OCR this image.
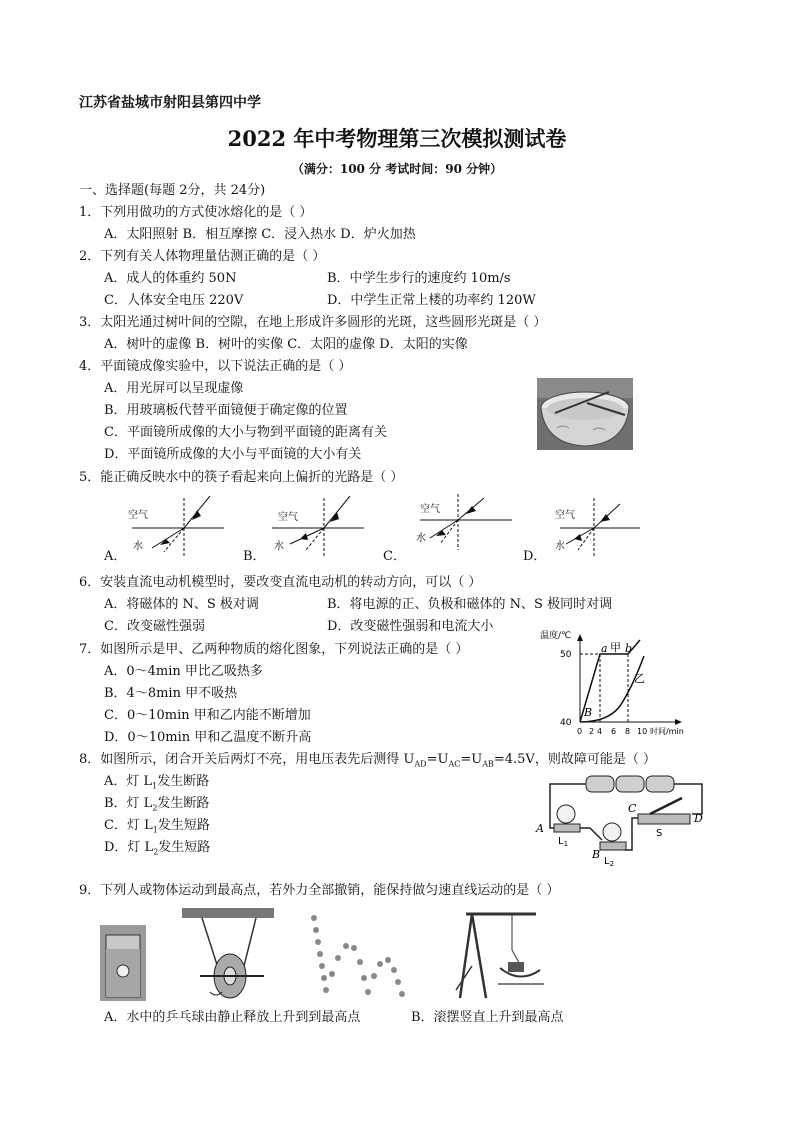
江苏省盐城市射阳县第四中学
2022 年中考物理第三次模拟测试卷
（满分：100 分 考试时间：90 分钟）
一、选择题(每题 2分，共 24分)
1．下列用做功的方式使冰熔化的是（ ）
A．太阳照射 B．相互摩擦 C．浸入热水 D．炉火加热
2．下列有关人体物理量估测正确的是（ ）
A．成人的体重约 50N	B．中学生步行的速度约 10m/s
C．人体安全电压 220V	D．中学生正常上楼的功率约 120W
3．太阳光通过树叶间的空隙，在地上形成许多圆形的光斑，这些圆形光斑是（ ）
A．树叶的虚像 B．树叶的实像 C．太阳的虚像 D．太阳的实像
4．平面镜成像实验中，以下说法正确的是（ ）
A．用光屏可以呈现虚像
B．用玻璃板代替平面镜便于确定像的位置
C．平面镜所成像的大小与物到平面镜的距离有关
D．平面镜所成像的大小与平面镜的大小有关
5．能正确反映水中的筷子看起来向上偏折的光路是（ ）
空气
水
A．
空气
水
B．
空气
水
C．
空气
水
D．
6．安装直流电动机模型时，要改变直流电动机的转动方向，可以（ ）
A．将磁体的 N、S 极对调	B．将电源的正、负极和磁体的 N、S 极同时对调
C．改变磁性强弱	D．改变磁性强弱和电流大小
7．如图所示是甲、乙两种物质的熔化图象，下列说法正确的是（ ）
A．0～4min 甲比乙吸热多
B．4～8min 甲不吸热
C．0～10min 甲和乙内能不断增加
D．0～10min 甲和乙温度不断升高
a b
B
甲
乙
温度/℃
50
40
0 2 4 6 8 10 时间/min
8．如图所示，闭合开关后两灯不亮，用电压表先后测得 $U_{AD}=U_{AC}=U_{AB}=4.5V$，则故障可能是（ ）
A．灯 $L_1$发生断路
B．灯 $L_2$发生断路
C．灯 $L_1$发生短路
D．灯 $L_2$发生短路
A
B
C
D
S
$L_1$
$L_2$
9．下列人或物体运动到最高点，若外力全部撤销，能保持做匀速直线运动的是（ ）
A．水中的乒乓球由静止释放上升到到最高点	B．滚摆竖直上升到最高点
